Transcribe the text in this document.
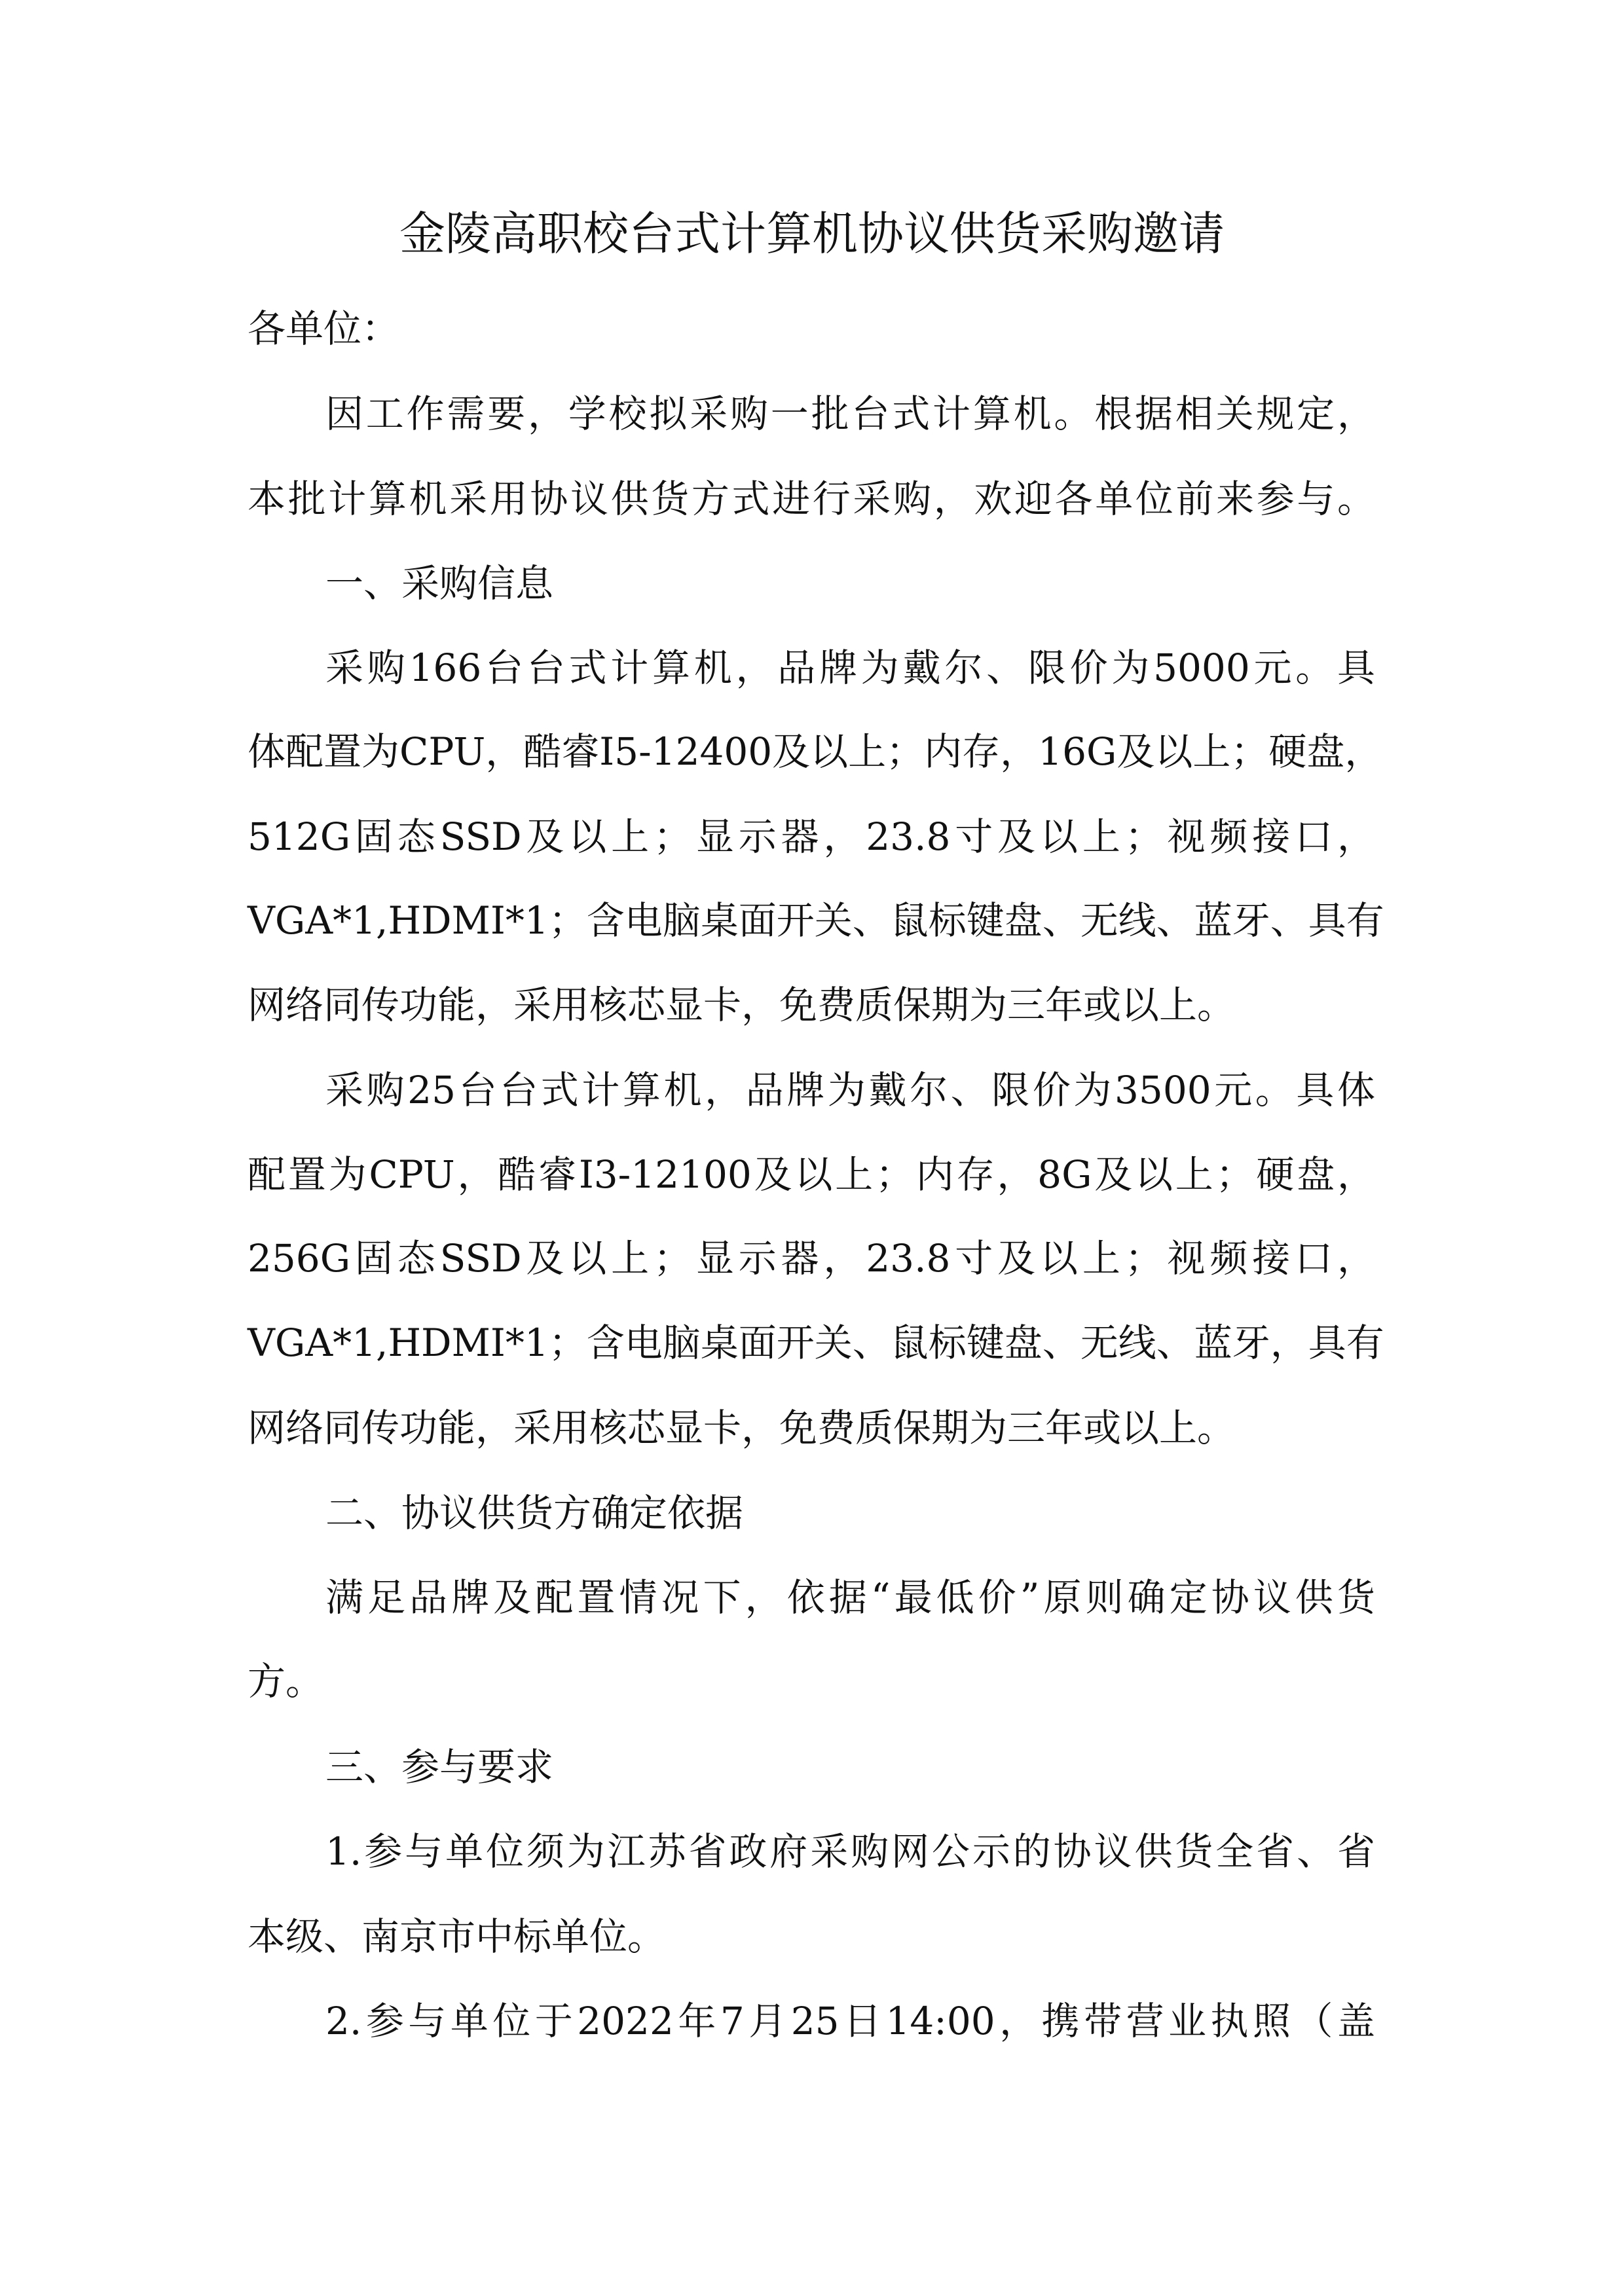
金陵高职校台式计算机协议供货采购邀请
各单位：
因工作需要，学校拟采购一批台式计算机。根据相关规定，
本批计算机采用协议供货方式进行采购，欢迎各单位前来参与。
一、采购信息
采购166台台式计算机，品牌为戴尔、限价为5000元。具
体配置为CPU，酷睿I5-12400及以上；内存，16G及以上；硬盘，
512G固态SSD及以上；显示器，23.8寸及以上；视频接口，
VGA*1,HDMI*1；含电脑桌面开关、鼠标键盘、无线、蓝牙、具有
网络同传功能，采用核芯显卡，免费质保期为三年或以上。
采购25台台式计算机，品牌为戴尔、限价为3500元。具体
配置为CPU，酷睿I3-12100及以上；内存，8G及以上；硬盘，
256G固态SSD及以上；显示器，23.8寸及以上；视频接口，
VGA*1,HDMI*1；含电脑桌面开关、鼠标键盘、无线、蓝牙，具有
网络同传功能，采用核芯显卡，免费质保期为三年或以上。
二、协议供货方确定依据
满足品牌及配置情况下，依据“最低价”原则确定协议供货
方。
三、参与要求
1.参与单位须为江苏省政府采购网公示的协议供货全省、省
本级、南京市中标单位。
2.参与单位于2022年7月25日14:00，携带营业执照（盖
